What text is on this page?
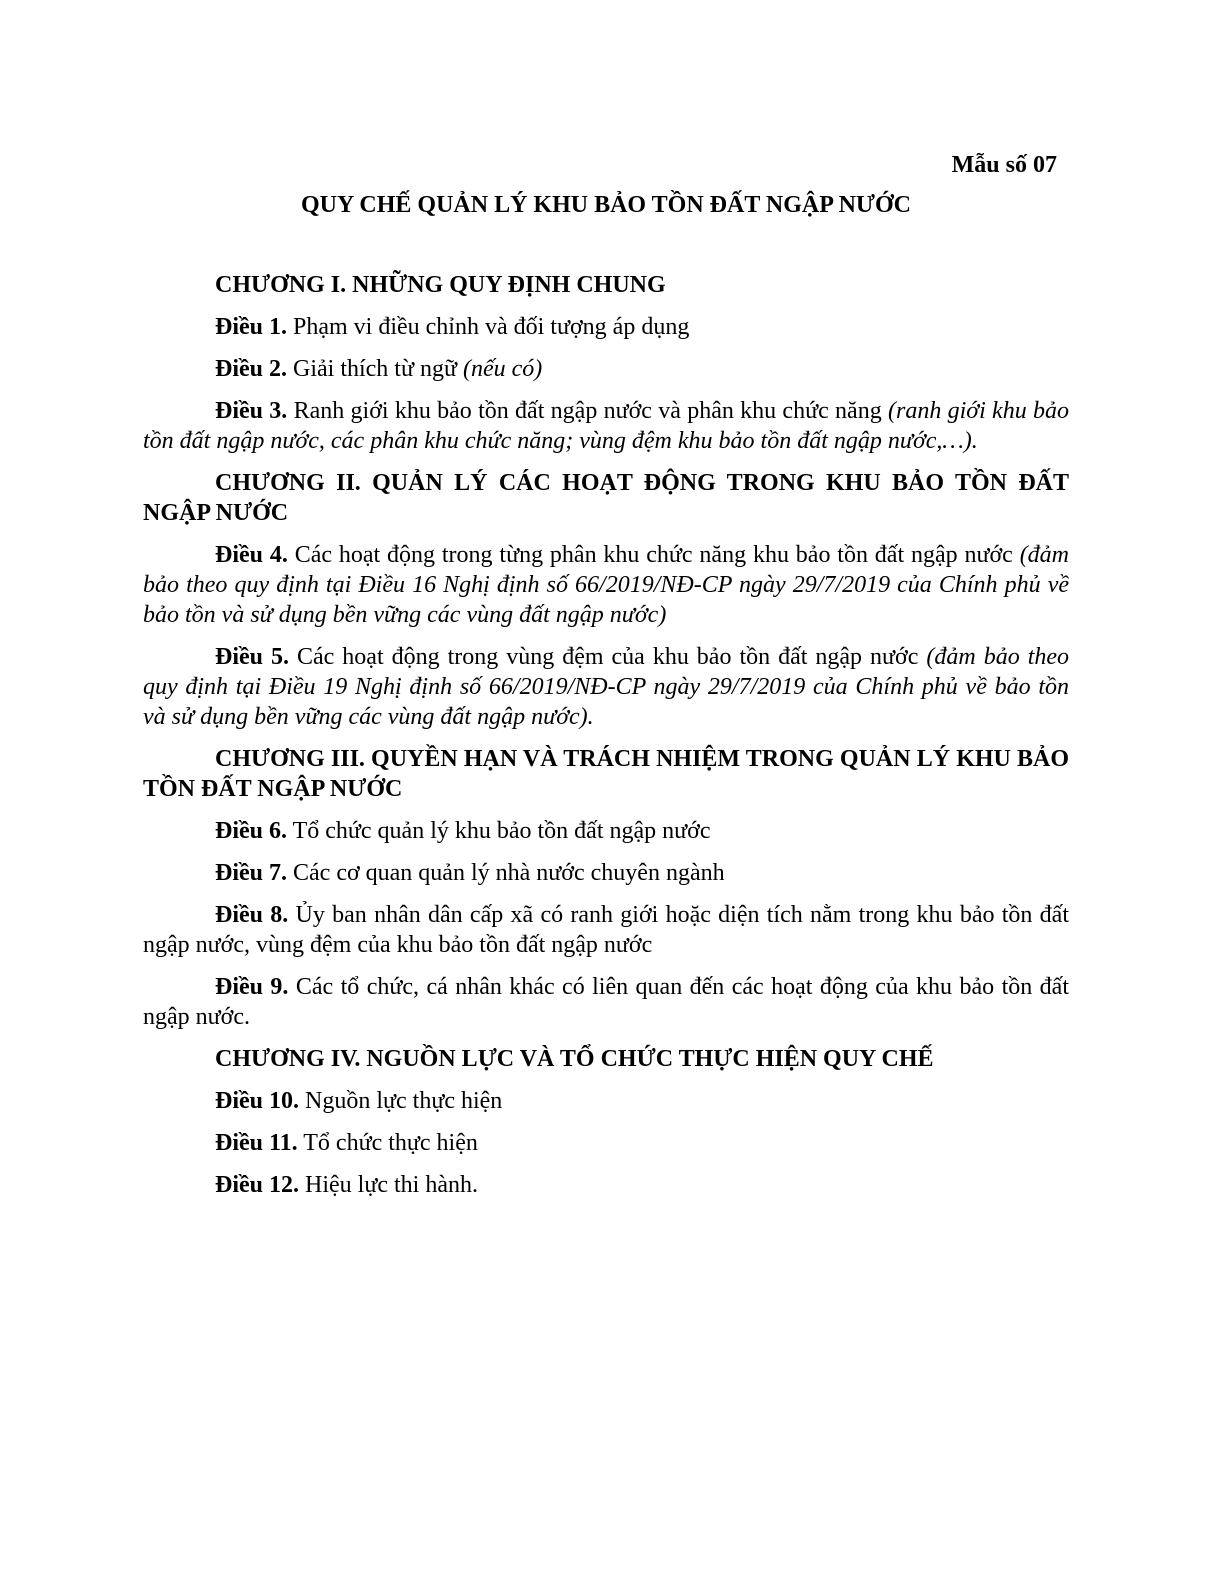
Mẫu số 07
QUY CHẾ QUẢN LÝ KHU BẢO TỒN ĐẤT NGẬP NƯỚC
CHƯƠNG I. NHỮNG QUY ĐỊNH CHUNG
Điều 1. Phạm vi điều chỉnh và đối tượng áp dụng
Điều 2. Giải thích từ ngữ (nếu có)
Điều 3. Ranh giới khu bảo tồn đất ngập nước và phân khu chức năng (ranh giới khu bảo tồn đất ngập nước, các phân khu chức năng; vùng đệm khu bảo tồn đất ngập nước,…).
CHƯƠNG II. QUẢN LÝ CÁC HOẠT ĐỘNG TRONG KHU BẢO TỒN ĐẤT NGẬP NƯỚC
Điều 4. Các hoạt động trong từng phân khu chức năng khu bảo tồn đất ngập nước (đảm bảo theo quy định tại Điều 16 Nghị định số 66/2019/NĐ-CP ngày 29/7/2019 của Chính phủ về bảo tồn và sử dụng bền vững các vùng đất ngập nước)
Điều 5. Các hoạt động trong vùng đệm của khu bảo tồn đất ngập nước (đảm bảo theo quy định tại Điều 19 Nghị định số 66/2019/NĐ-CP ngày 29/7/2019 của Chính phủ về bảo tồn và sử dụng bền vững các vùng đất ngập nước).
CHƯƠNG III. QUYỀN HẠN VÀ TRÁCH NHIỆM TRONG QUẢN LÝ KHU BẢO TỒN ĐẤT NGẬP NƯỚC
Điều 6. Tổ chức quản lý khu bảo tồn đất ngập nước
Điều 7. Các cơ quan quản lý nhà nước chuyên ngành
Điều 8. Ủy ban nhân dân cấp xã có ranh giới hoặc diện tích nằm trong khu bảo tồn đất ngập nước, vùng đệm của khu bảo tồn đất ngập nước
Điều 9. Các tổ chức, cá nhân khác có liên quan đến các hoạt động của khu bảo tồn đất ngập nước.
CHƯƠNG IV. NGUỒN LỰC VÀ TỔ CHỨC THỰC HIỆN QUY CHẾ
Điều 10. Nguồn lực thực hiện
Điều 11. Tổ chức thực hiện
Điều 12. Hiệu lực thi hành.
